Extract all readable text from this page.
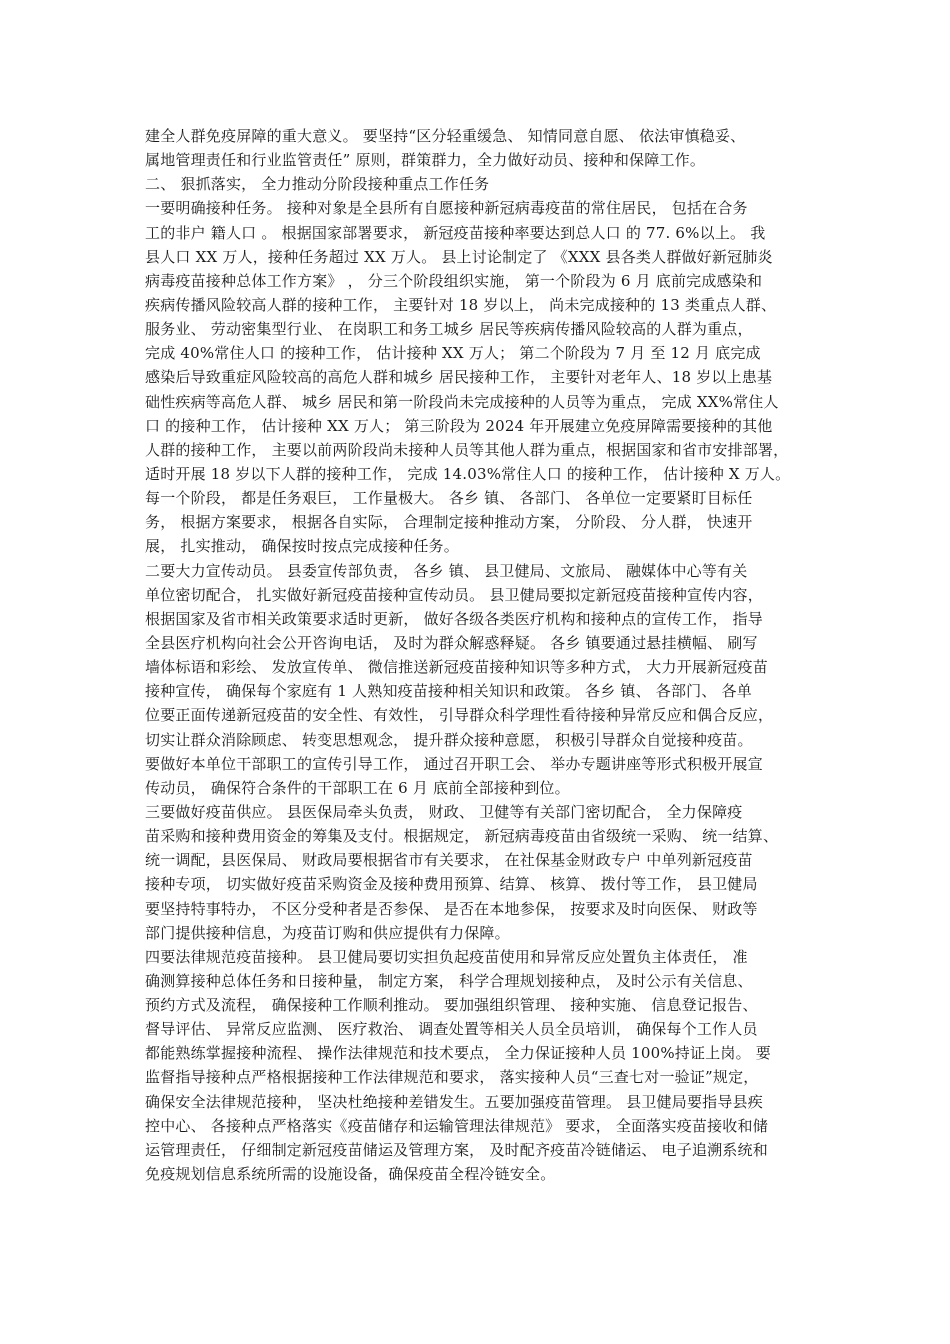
建全人群免疫屏障的重大意义。 要坚持“区分轻重缓急、 知情同意自愿、 依法审慎稳妥、
属地管理责任和行业监管责任” 原则，群策群力，全力做好动员、接种和保障工作。
二、 狠抓落实， 全力推动分阶段接种重点工作任务
一要明确接种任务。 接种对象是全县所有自愿接种新冠病毒疫苗的常住居民， 包括在合务
工的非户 籍人口 。 根据国家部署要求， 新冠疫苗接种率要达到总人口 的 77. 6%以上。 我
县人口 XX 万人，接种任务超过 XX 万人。 县上讨论制定了 《XXX 县各类人群做好新冠肺炎
病毒疫苗接种总体工作方案》 ， 分三个阶段组织实施， 第一个阶段为 6 月 底前完成感染和
疾病传播风险较高人群的接种工作， 主要针对 18 岁以上， 尚未完成接种的 13 类重点人群、
服务业、 劳动密集型行业、 在岗职工和务工城乡 居民等疾病传播风险较高的人群为重点，
完成 40%常住人口 的接种工作， 估计接种 XX 万人； 第二个阶段为 7 月 至 12 月 底完成
感染后导致重症风险较高的高危人群和城乡 居民接种工作， 主要针对老年人、18 岁以上患基
础性疾病等高危人群、 城乡 居民和第一阶段尚未完成接种的人员等为重点， 完成 XX%常住人
口 的接种工作， 估计接种 XX 万人； 第三阶段为 2024 年开展建立免疫屏障需要接种的其他
人群的接种工作， 主要以前两阶段尚未接种人员等其他人群为重点，根据国家和省市安排部署，
适时开展 18 岁以下人群的接种工作， 完成 14.03%常住人口 的接种工作， 估计接种 X 万人。
每一个阶段， 都是任务艰巨， 工作量极大。 各乡 镇、 各部门、 各单位一定要紧盯目标任
务， 根据方案要求， 根据各自实际， 合理制定接种推动方案， 分阶段、 分人群， 快速开
展， 扎实推动， 确保按时按点完成接种任务。
二要大力宣传动员。 县委宣传部负责， 各乡 镇、 县卫健局、文旅局、 融媒体中心等有关
单位密切配合， 扎实做好新冠疫苗接种宣传动员。 县卫健局要拟定新冠疫苗接种宣传内容，
根据国家及省市相关政策要求适时更新， 做好各级各类医疗机构和接种点的宣传工作， 指导
全县医疗机构向社会公开咨询电话， 及时为群众解惑释疑。 各乡 镇要通过悬挂横幅、 刷写
墙体标语和彩绘、 发放宣传单、 微信推送新冠疫苗接种知识等多种方式， 大力开展新冠疫苗
接种宣传， 确保每个家庭有 1 人熟知疫苗接种相关知识和政策。 各乡 镇、 各部门、 各单
位要正面传递新冠疫苗的安全性、有效性， 引导群众科学理性看待接种异常反应和偶合反应，
切实让群众消除顾虑、 转变思想观念， 提升群众接种意愿， 积极引导群众自觉接种疫苗。
要做好本单位干部职工的宣传引导工作， 通过召开职工会、 举办专题讲座等形式积极开展宣
传动员， 确保符合条件的干部职工在 6 月 底前全部接种到位。
三要做好疫苗供应。 县医保局牵头负责， 财政、 卫健等有关部门密切配合， 全力保障疫
苗采购和接种费用资金的筹集及支付。根据规定， 新冠病毒疫苗由省级统一采购、 统一结算、
统一调配，县医保局、 财政局要根据省市有关要求， 在社保基金财政专户 中单列新冠疫苗
接种专项， 切实做好疫苗采购资金及接种费用预算、结算、 核算、 拨付等工作， 县卫健局
要坚持特事特办， 不区分受种者是否参保、 是否在本地参保， 按要求及时向医保、 财政等
部门提供接种信息，为疫苗订购和供应提供有力保障。
四要法律规范疫苗接种。 县卫健局要切实担负起疫苗使用和异常反应处置负主体责任， 准
确测算接种总体任务和日接种量， 制定方案， 科学合理规划接种点， 及时公示有关信息、
预约方式及流程， 确保接种工作顺利推动。 要加强组织管理、 接种实施、 信息登记报告、
督导评估、 异常反应监测、 医疗救治、 调查处置等相关人员全员培训， 确保每个工作人员
都能熟练掌握接种流程、 操作法律规范和技术要点， 全力保证接种人员 100%持证上岗。 要
监督指导接种点严格根据接种工作法律规范和要求， 落实接种人员“三查七对一验证”规定，
确保安全法律规范接种， 坚决杜绝接种差错发生。五要加强疫苗管理。 县卫健局要指导县疾
控中心、 各接种点严格落实《疫苗储存和运输管理法律规范》 要求， 全面落实疫苗接收和储
运管理责任， 仔细制定新冠疫苗储运及管理方案， 及时配齐疫苗冷链储运、 电子追溯系统和
免疫规划信息系统所需的设施设备，确保疫苗全程冷链安全。
